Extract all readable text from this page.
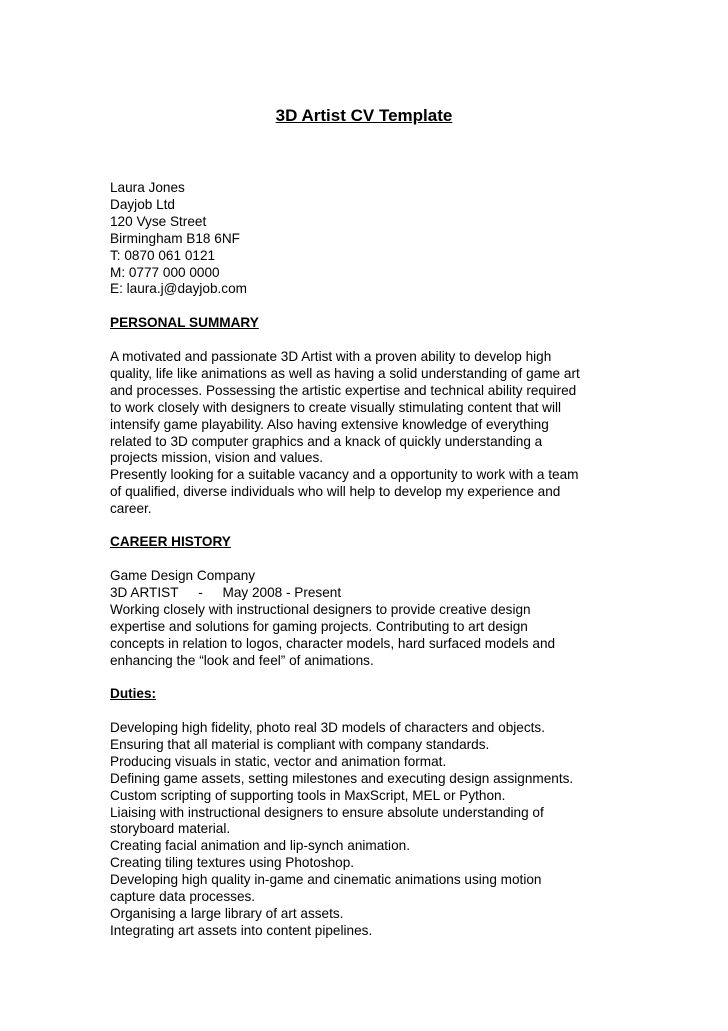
3D Artist CV Template
Laura Jones
Dayjob Ltd
120 Vyse Street
Birmingham B18 6NF
T: 0870 061 0121
M: 0777 000 0000
E: laura.j@dayjob.com
PERSONAL SUMMARY
A motivated and passionate 3D Artist with a proven ability to develop high
quality, life like animations as well as having a solid understanding of game art
and processes. Possessing the artistic expertise and technical ability required
to work closely with designers to create visually stimulating content that will
intensify game playability. Also having extensive knowledge of everything
related to 3D computer graphics and a knack of quickly understanding a
projects mission, vision and values.
Presently looking for a suitable vacancy and a opportunity to work with a team
of qualified, diverse individuals who will help to develop my experience and
career.
CAREER HISTORY
Game Design Company
3D ARTIST - May 2008 - Present
Working closely with instructional designers to provide creative design
expertise and solutions for gaming projects. Contributing to art design
concepts in relation to logos, character models, hard surfaced models and
enhancing the “look and feel” of animations.
Duties:
Developing high fidelity, photo real 3D models of characters and objects.
Ensuring that all material is compliant with company standards.
Producing visuals in static, vector and animation format.
Defining game assets, setting milestones and executing design assignments.
Custom scripting of supporting tools in MaxScript, MEL or Python.
Liaising with instructional designers to ensure absolute understanding of
storyboard material.
Creating facial animation and lip-synch animation.
Creating tiling textures using Photoshop.
Developing high quality in-game and cinematic animations using motion
capture data processes.
Organising a large library of art assets.
Integrating art assets into content pipelines.
